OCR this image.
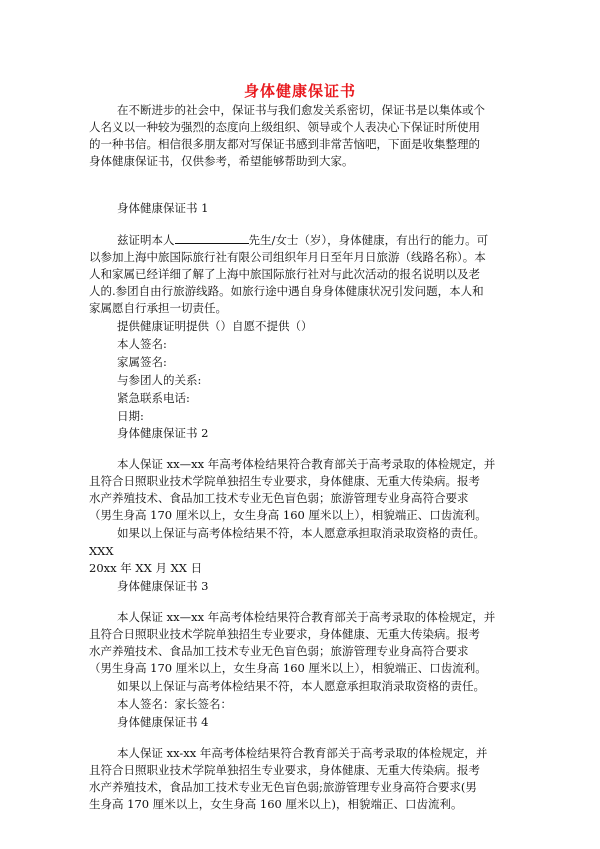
身体健康保证书
在不断进步的社会中，保证书与我们愈发关系密切，保证书是以集体或个
人名义以一种较为强烈的态度向上级组织、领导或个人表决心下保证时所使用
的一种书信。相信很多朋友都对写保证书感到非常苦恼吧，下面是收集整理的
身体健康保证书，仅供参考，希望能够帮助到大家。
身体健康保证书 1
兹证明本人	先生/女士（岁），身体健康，有出行的能力。可
以参加上海中旅国际旅行社有限公司组织年月日至年月日旅游（线路名称）。本
人和家属已经详细了解了上海中旅国际旅行社对与此次活动的报名说明以及老
人的.参团自由行旅游线路。如旅行途中遇自身身体健康状况引发问题，本人和
家属愿自行承担一切责任。
提供健康证明提供（）自愿不提供（）
本人签名:
家属签名:
与参团人的关系:
紧急联系电话:
日期:
身体健康保证书 2
本人保证 xx—xx 年高考体检结果符合教育部关于高考录取的体检规定，并
且符合日照职业技术学院单独招生专业要求，身体健康、无重大传染病。报考
水产养殖技术、食品加工技术专业无色盲色弱；旅游管理专业身高符合要求
（男生身高 170 厘米以上，女生身高 160 厘米以上），相貌端正、口齿流利。
如果以上保证与高考体检结果不符，本人愿意承担取消录取资格的责任。
XXX
20xx 年 XX 月 XX 日
身体健康保证书 3
本人保证 xx—xx 年高考体检结果符合教育部关于高考录取的体检规定，并
且符合日照职业技术学院单独招生专业要求，身体健康、无重大传染病。报考
水产养殖技术、食品加工技术专业无色盲色弱；旅游管理专业身高符合要求
（男生身高 170 厘米以上，女生身高 160 厘米以上），相貌端正、口齿流利。
如果以上保证与高考体检结果不符，本人愿意承担取消录取资格的责任。
本人签名：家长签名：
身体健康保证书 4
本人保证 xx-xx 年高考体检结果符合教育部关于高考录取的体检规定，并
且符合日照职业技术学院单独招生专业要求，身体健康、无重大传染病。报考
水产养殖技术，食品加工技术专业无色盲色弱;旅游管理专业身高符合要求(男
生身高 170 厘米以上，女生身高 160 厘米以上)，相貌端正、口齿流利。
